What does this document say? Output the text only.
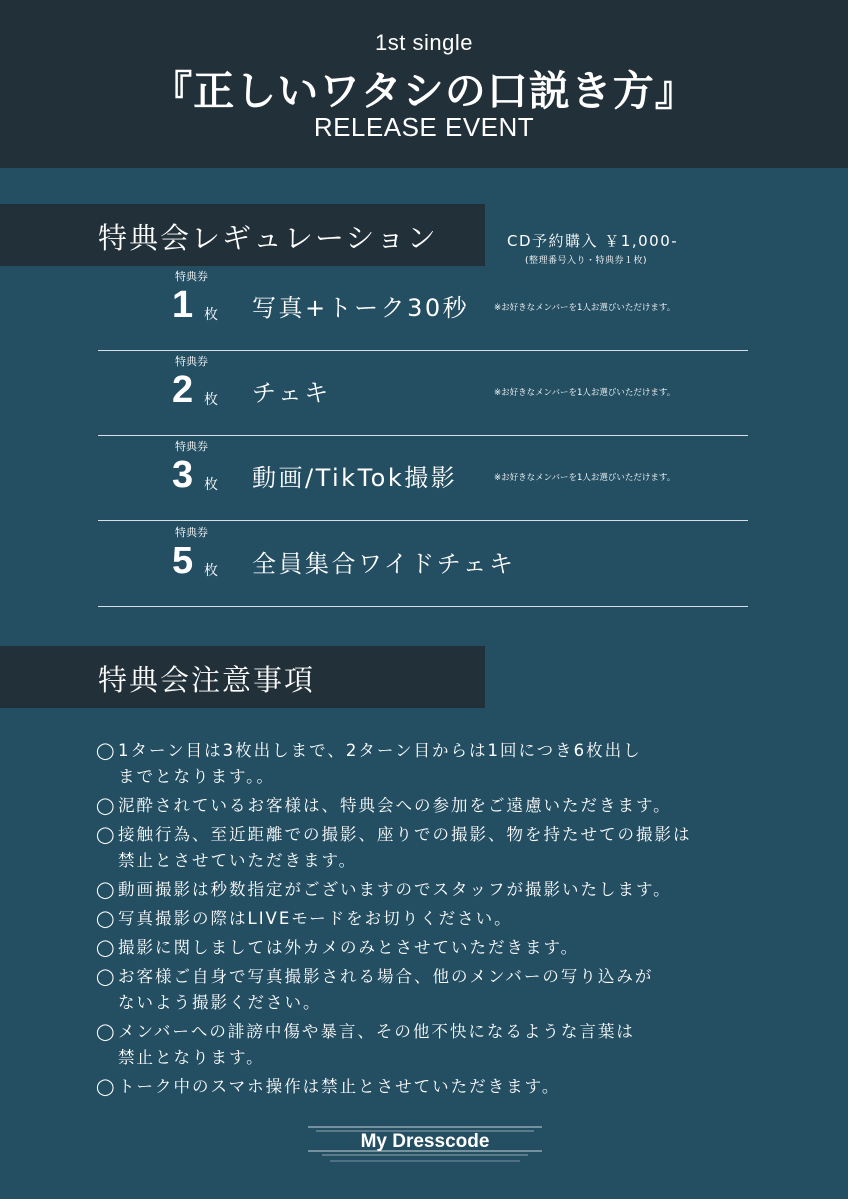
1st single
『正しいワタシの口説き方』
RELEASE EVENT
特典会レギュレーション	CD予約購入 ￥1,000-
(整理番号入り・特典券１枚)
特典券
1 枚 写真+トーク30秒	※お好きなメンバーを1人お選びいただけます。
特典券
2 枚 チェキ	※お好きなメンバーを1人お選びいただけます。
特典券
3 枚 動画/TikTok撮影	※お好きなメンバーを1人お選びいただけます。
特典券
5 枚 全員集合ワイドチェキ
特典会注意事項
◯ 1ターン目は3枚出しまで、2ターン目からは1回につき6枚出し
までとなります。。
◯ 泥酔されているお客様は、特典会への参加をご遠慮いただきます。
◯ 接触行為、至近距離での撮影、座りでの撮影、物を持たせての撮影は
禁止とさせていただきます。
◯ 動画撮影は秒数指定がございますのでスタッフが撮影いたします。
◯ 写真撮影の際はLIVEモードをお切りください。
◯ 撮影に関しましては外カメのみとさせていただきます。
◯ お客様ご自身で写真撮影される場合、他のメンバーの写り込みが
ないよう撮影ください。
◯ メンバーへの誹謗中傷や暴言、その他不快になるような言葉は
禁止となります。
◯ トーク中のスマホ操作は禁止とさせていただきます。
My Dresscode
